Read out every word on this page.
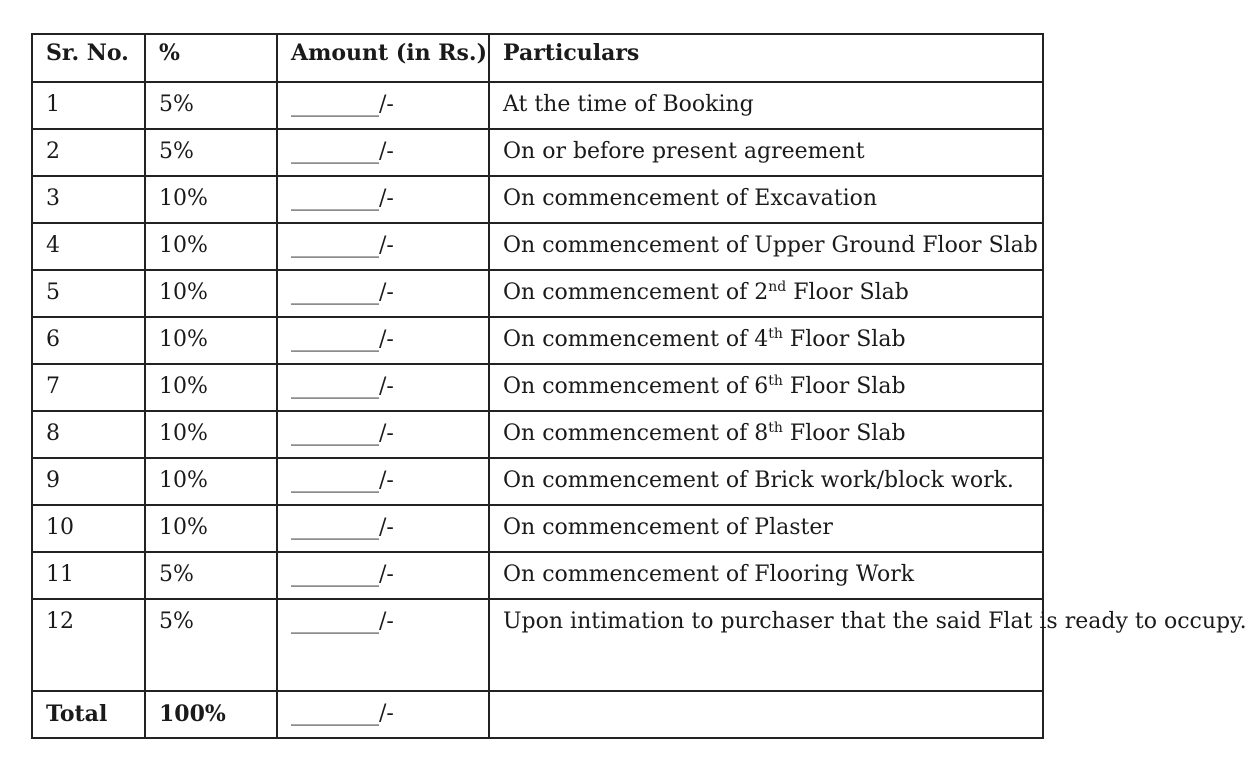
Sr. No.	%	Amount (in Rs.)	Particulars
1	5%	________/-	At the time of Booking
2	5%	________/-	On or before present agreement
3	10%	________/-	On commencement of Excavation
4	10%	________/-	On commencement of Upper Ground Floor Slab
5	10%	________/-	On commencement of 2nd Floor Slab
6	10%	________/-	On commencement of 4th Floor Slab
7	10%	________/-	On commencement of 6th Floor Slab
8	10%	________/-	On commencement of 8th Floor Slab
9	10%	________/-	On commencement of Brick work/block work.
10	10%	________/-	On commencement of Plaster
11	5%	________/-	On commencement of Flooring Work
12	5%	________/-	Upon intimation to purchaser that the said Flat is ready to occupy.
Total	100%	________/-	
